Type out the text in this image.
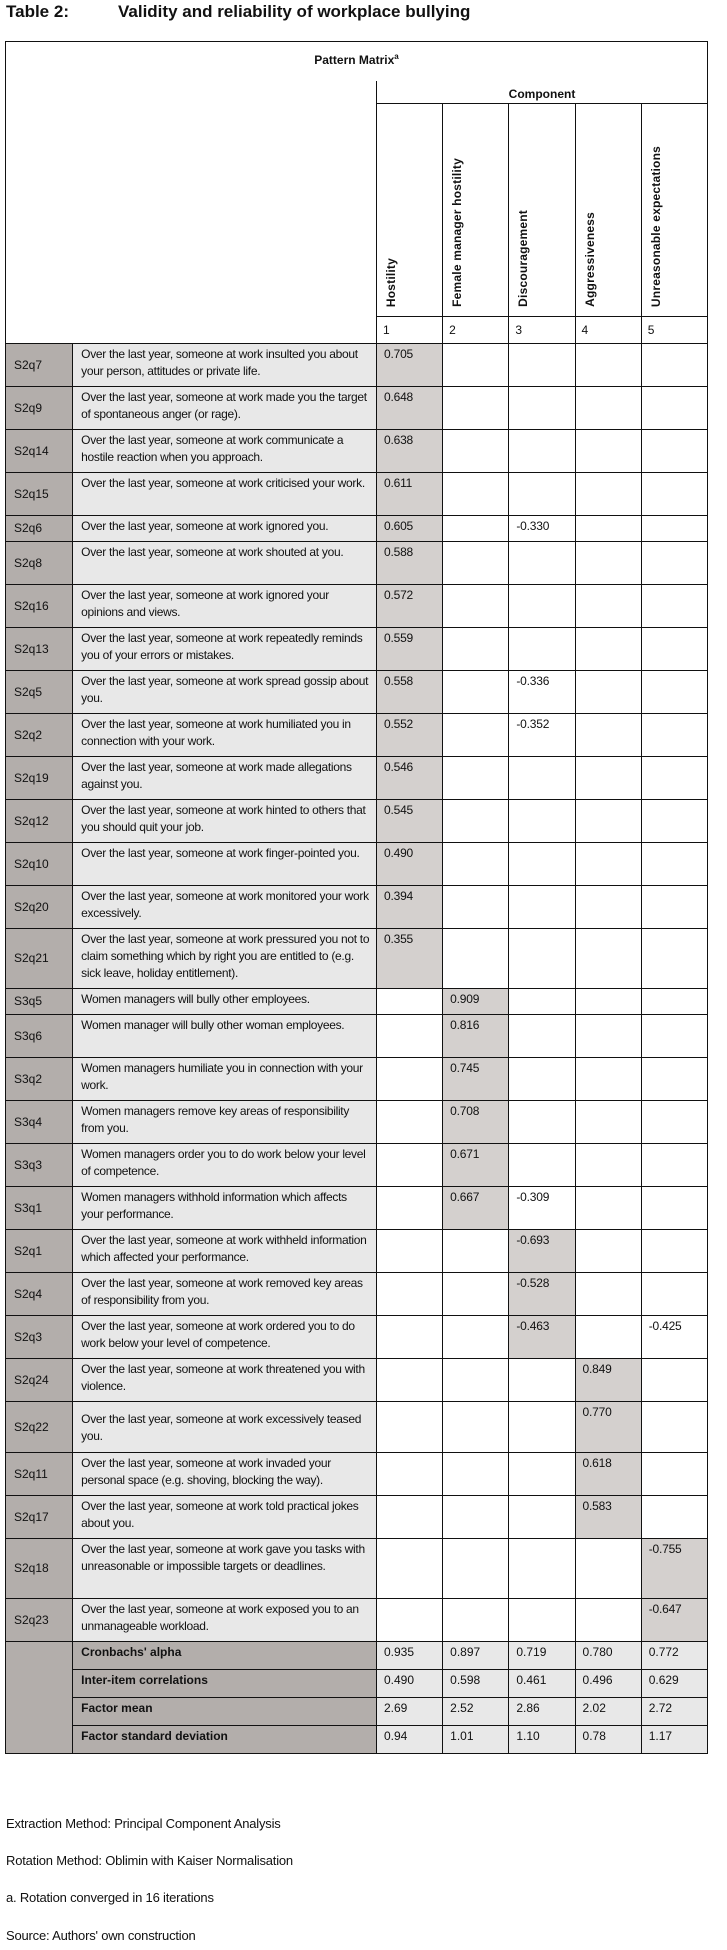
Table 2:	Validity and reliability of workplace bullying
Pattern Matrix$^a$
		Component				
		Hostility	Female manager hostility	Discouragement	Aggressiveness	Unreasonable expectations
		1	2	3	4	5
S2q7	Over the last year, someone at work insulted you about your person, attitudes or private life.	0.705				
S2q9	Over the last year, someone at work made you the target of spontaneous anger (or rage).	0.648				
S2q14	Over the last year, someone at work communicate a hostile reaction when you approach.	0.638				
S2q15	Over the last year, someone at work criticised your work.	0.611				
S2q6	Over the last year, someone at work ignored you.	0.605		-0.330		
S2q8	Over the last year, someone at work shouted at you.	0.588				
S2q16	Over the last year, someone at work ignored your opinions and views.	0.572				
S2q13	Over the last year, someone at work repeatedly reminds you of your errors or mistakes.	0.559				
S2q5	Over the last year, someone at work spread gossip about you.	0.558		-0.336		
S2q2	Over the last year, someone at work humiliated you in connection with your work.	0.552		-0.352		
S2q19	Over the last year, someone at work made allegations against you.	0.546				
S2q12	Over the last year, someone at work hinted to others that you should quit your job.	0.545				
S2q10	Over the last year, someone at work finger-pointed you.	0.490				
S2q20	Over the last year, someone at work monitored your work excessively.	0.394				
S2q21	Over the last year, someone at work pressured you not to claim something which by right you are entitled to (e.g. sick leave, holiday entitlement).	0.355				
S3q5	Women managers will bully other employees.		0.909			
S3q6	Women manager will bully other woman employees.		0.816			
S3q2	Women managers humiliate you in connection with your work.		0.745			
S3q4	Women managers remove key areas of responsibility from you.		0.708			
S3q3	Women managers order you to do work below your level of competence.		0.671			
S3q1	Women managers withhold information which affects your performance.		0.667	-0.309		
S2q1	Over the last year, someone at work withheld information which affected your performance.			-0.693		
S2q4	Over the last year, someone at work removed key areas of responsibility from you.			-0.528		
S2q3	Over the last year, someone at work ordered you to do work below your level of competence.			-0.463		-0.425
S2q24	Over the last year, someone at work threatened you with violence.				0.849	
S2q22	Over the last year, someone at work excessively teased you.				0.770	
S2q11	Over the last year, someone at work invaded your personal space (e.g. shoving, blocking the way).				0.618	
S2q17	Over the last year, someone at work told practical jokes about you.				0.583	
S2q18	Over the last year, someone at work gave you tasks with unreasonable or impossible targets or deadlines.					-0.755
S2q23	Over the last year, someone at work exposed you to an unmanageable workload.					-0.647
	Cronbachs' alpha	0.935	0.897	0.719	0.780	0.772
	Inter-item correlations	0.490	0.598	0.461	0.496	0.629
	Factor mean	2.69	2.52	2.86	2.02	2.72
	Factor standard deviation	0.94	1.01	1.10	0.78	1.17
Extraction Method: Principal Component Analysis
Rotation Method: Oblimin with Kaiser Normalisation
a. Rotation converged in 16 iterations
Source: Authors' own construction
